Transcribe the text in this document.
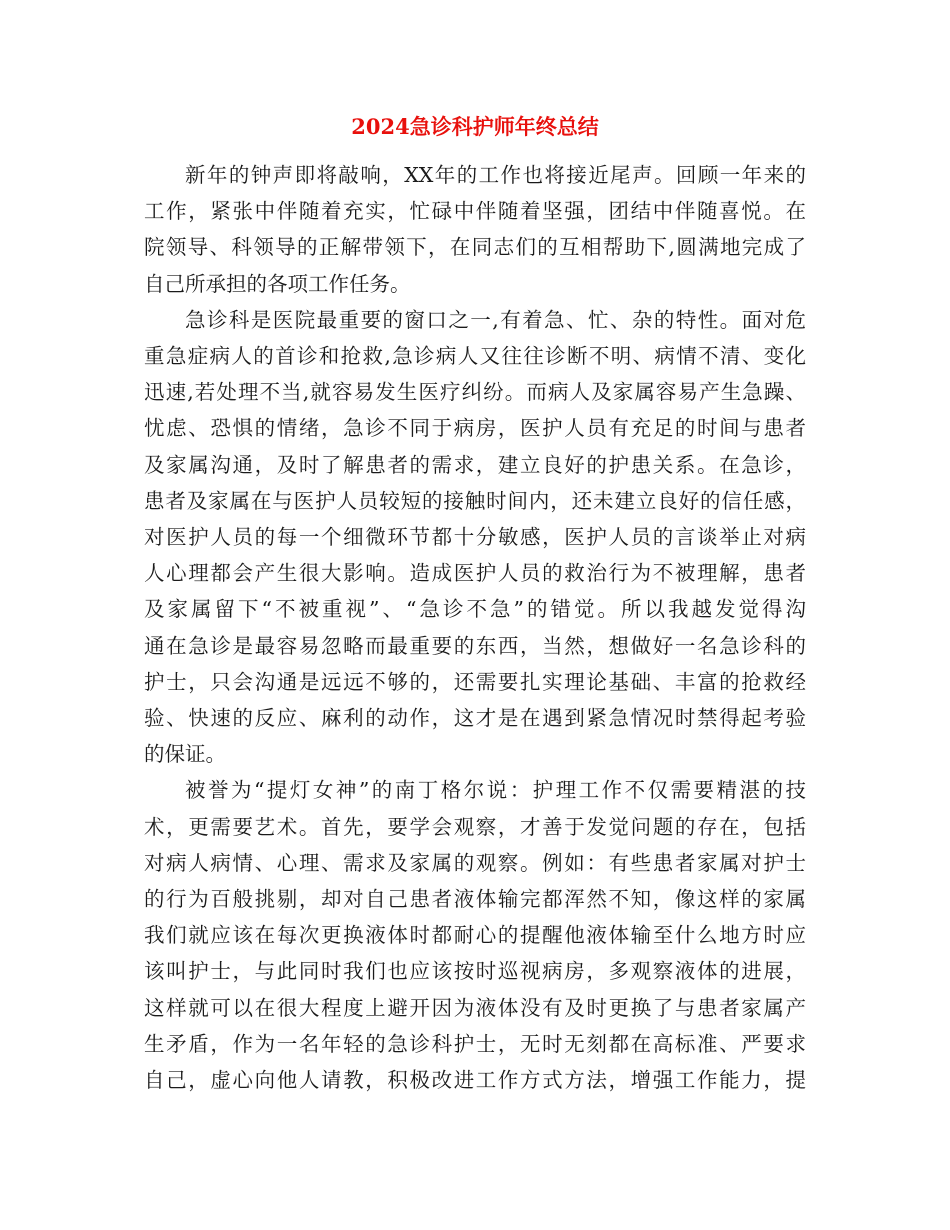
2024急诊科护师年终总结
新年的钟声即将敲响，XX年的工作也将接近尾声。回顾一年来的
工作，紧张中伴随着充实，忙碌中伴随着坚强，团结中伴随喜悦。在
院领导、科领导的正解带领下，在同志们的互相帮助下,圆满地完成了
自己所承担的各项工作任务。
急诊科是医院最重要的窗口之一,有着急、忙、杂的特性。面对危
重急症病人的首诊和抢救,急诊病人又往往诊断不明、病情不清、变化
迅速,若处理不当,就容易发生医疗纠纷。而病人及家属容易产生急躁、
忧虑、恐惧的情绪，急诊不同于病房，医护人员有充足的时间与患者
及家属沟通，及时了解患者的需求，建立良好的护患关系。在急诊，
患者及家属在与医护人员较短的接触时间内，还未建立良好的信任感，
对医护人员的每一个细微环节都十分敏感，医护人员的言谈举止对病
人心理都会产生很大影响。造成医护人员的救治行为不被理解，患者
及家属留下“不被重视”、“急诊不急”的错觉。所以我越发觉得沟
通在急诊是最容易忽略而最重要的东西，当然，想做好一名急诊科的
护士，只会沟通是远远不够的，还需要扎实理论基础、丰富的抢救经
验、快速的反应、麻利的动作，这才是在遇到紧急情况时禁得起考验
的保证。
被誉为“提灯女神”的南丁格尔说：护理工作不仅需要精湛的技
术，更需要艺术。首先，要学会观察，才善于发觉问题的存在，包括
对病人病情、心理、需求及家属的观察。例如：有些患者家属对护士
的行为百般挑剔，却对自己患者液体输完都浑然不知，像这样的家属
我们就应该在每次更换液体时都耐心的提醒他液体输至什么地方时应
该叫护士，与此同时我们也应该按时巡视病房，多观察液体的进展，
这样就可以在很大程度上避开因为液体没有及时更换了与患者家属产
生矛盾，作为一名年轻的急诊科护士，无时无刻都在高标准、严要求
自己，虚心向他人请教，积极改进工作方式方法，增强工作能力，提
